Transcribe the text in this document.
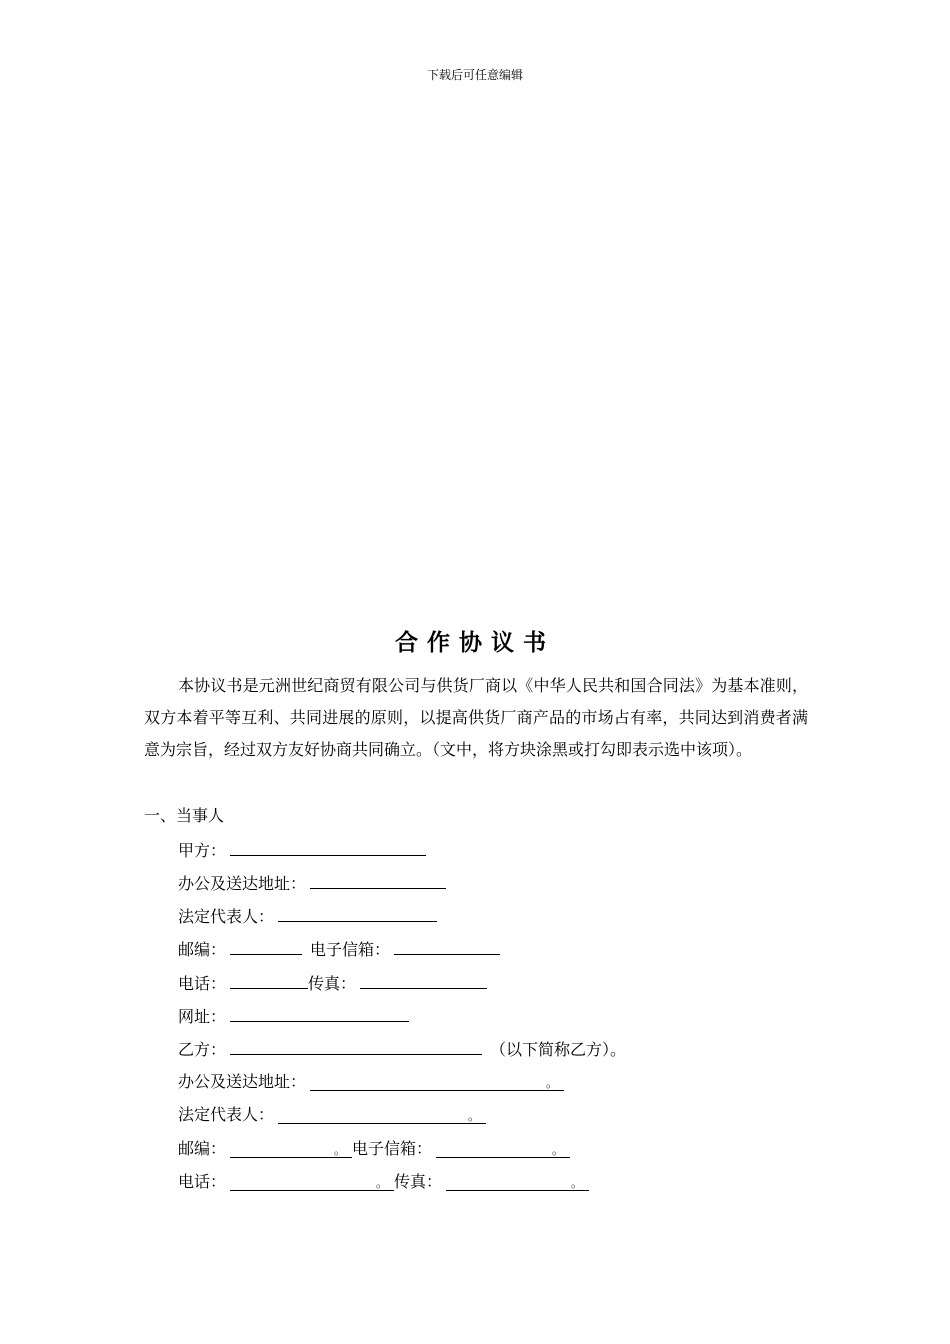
下载后可任意编辑
合作协议书
本协议书是元洲世纪商贸有限公司与供货厂商以《中华人民共和国合同法》为基本准则，双方本着平等互利、共同进展的原则，以提高供货厂商产品的市场占有率，共同达到消费者满意为宗旨，经过双方友好协商共同确立。（文中，将方块涂黑或打勾即表示选中该项）。
一、当事人
甲方：
办公及送达地址：
法定代表人：
邮编：	电子信箱：
电话：	传真：
网址：
乙方：	（以下简称乙方）。
办公及送达地址：	。
法定代表人：	。
邮编：	。 电子信箱：	。
电话：	。 传真：	。
